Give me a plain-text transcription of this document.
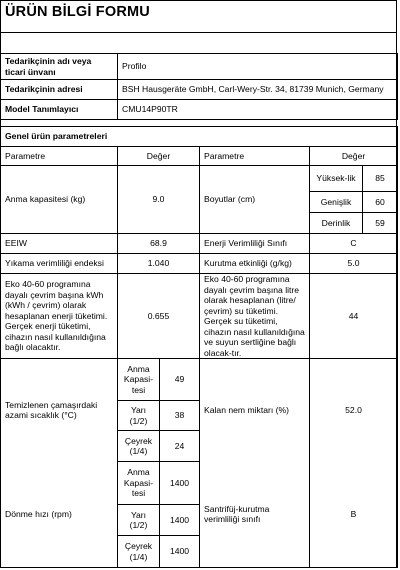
ÜRÜN BİLGİ FORMU
Tedarikçinin adı veya ticari ünvanı	Profilo
Tedarikçinin adresi	BSH Hausgeräte GmbH, Carl-Wery-Str. 34, 81739 Munich, Germany
Model Tanımlayıcı	CMU14P90TR
Genel ürün parametreleri					
Parametre	Değer		Parametre	Değer	
Anma kapasitesi (kg)	9.0		Boyutlar (cm)	Yüksek-lik	85
				Genişlik	60
				Derinlik	59
EEIW	68.9		Enerji Verimliliği Sınıfı	C	
Yıkama verimliliği endeksi	1.040		Kurutma etkinliği (g/kg)	5.0	
Eko 40-60 programına dayalı çevrim başına kWh (kWh / çevrim) olarak hesaplanan enerji tüketimi. Gerçek enerji tüketimi, cihazın nasıl kullanıldığına bağlı olacaktır.	0.655		Eko 40-60 programına dayalı çevrim başına litre olarak hesaplanan (litre/çevrim) su tüketimi. Gerçek su tüketimi, cihazın nasıl kullanıldığına ve suyun sertliğine bağlı olacak-tır.	44	
Temizlenen çamaşırdaki azami sıcaklık (°C)	Anma Kapasi-tesi	49	Kalan nem miktarı (%)	52.0	
	Yarı (1/2)	38			
	Çeyrek (1/4)	24			
Dönme hızı (rpm)	Anma Kapasi-tesi	1400	Santrifüj-kurutma verimliliği sınıfı	B	
	Yarı (1/2)	1400			
	Çeyrek (1/4)	1400			
